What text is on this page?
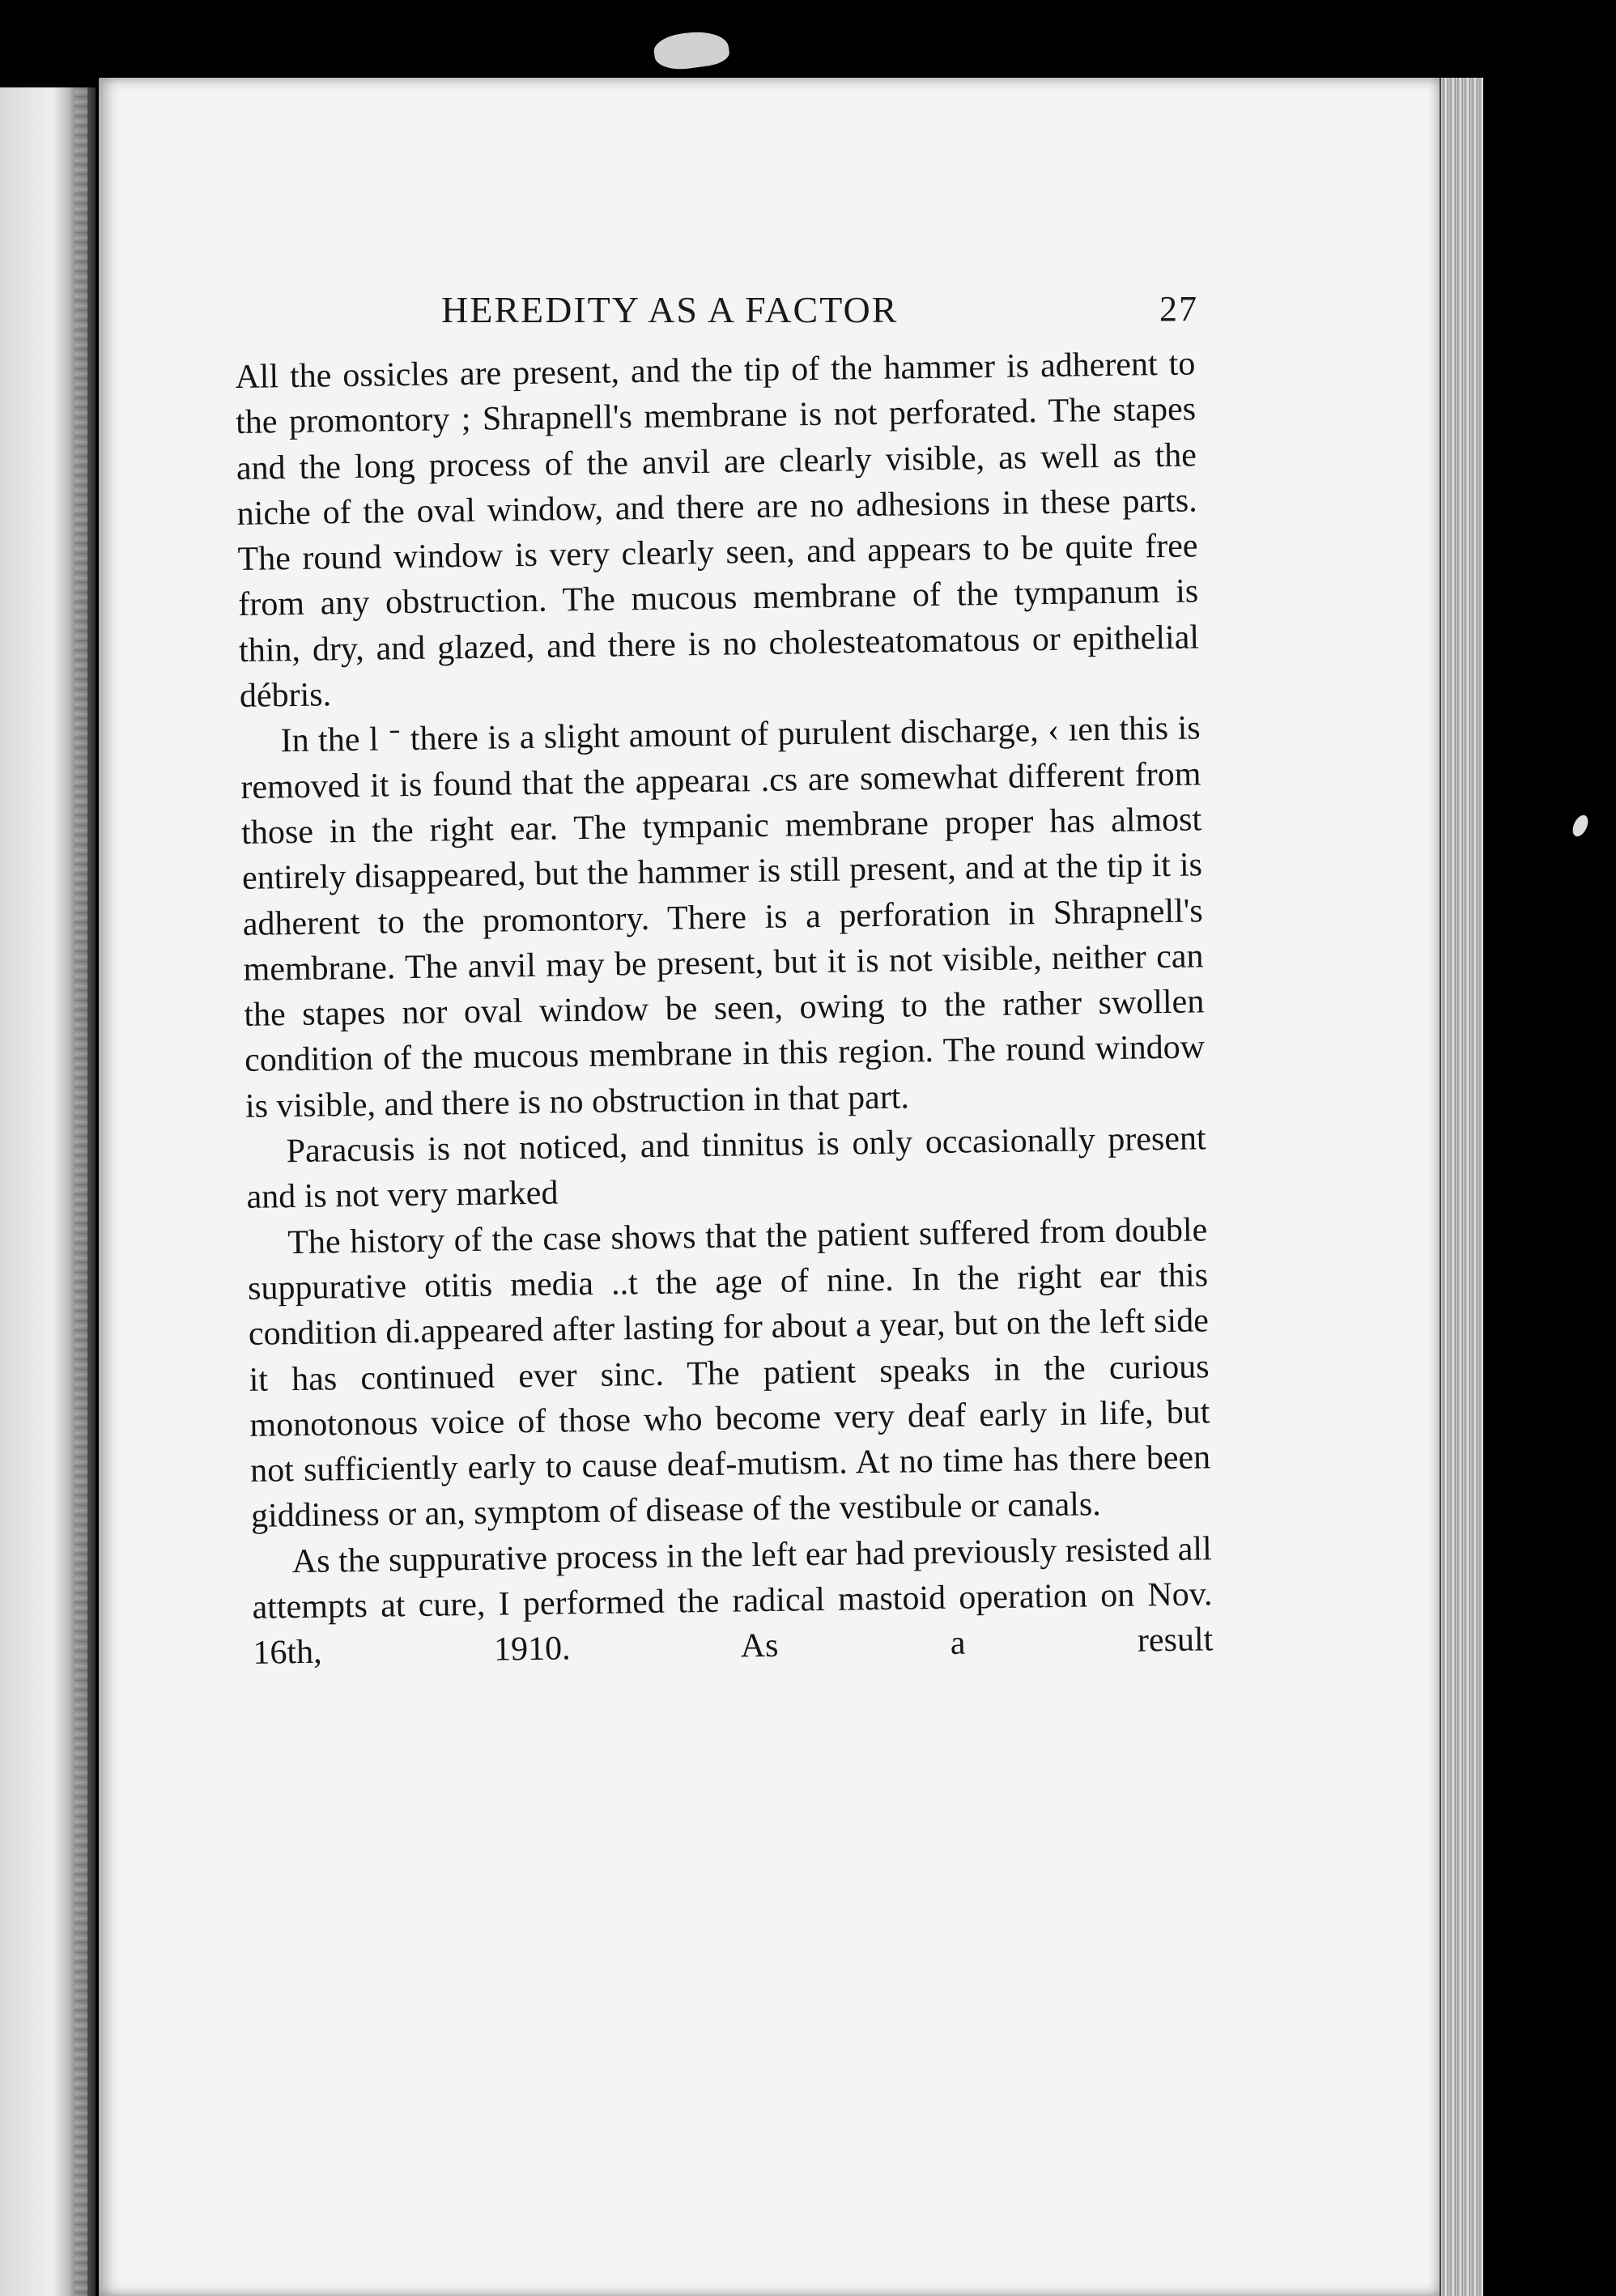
HEREDITY AS A FACTOR	27

All the ossicles are present, and the tip of the hammer is adherent to the promontory ; Shrapnell's membrane is not perforated. The stapes and the long process of the anvil are clearly visible, as well as the niche of the oval window, and there are no adhesions in these parts. The round window is very clearly seen, and appears to be quite free from any obstruction. The mucous membrane of the tympanum is thin, dry, and glazed, and there is no cholesteatomatous or epithelial débris.

In the l ᐨ there is a slight amount of purulent discharge, ‹ ıen this is removed it is found that the appearaı .cs are somewhat different from those in the right ear. The tympanic membrane proper has almost entirely disappeared, but the hammer is still present, and at the tip it is adherent to the promontory. There is a perforation in Shrapnell's membrane. The anvil may be present, but it is not visible, neither can the stapes nor oval window be seen, owing to the rather swollen condition of the mucous membrane in this region. The round window is visible, and there is no obstruction in that part.

Paracusis is not noticed, and tinnitus is only occasionally present and is not very marked

The history of the case shows that the patient suffered from double suppurative otitis media ..t the age of nine. In the right ear this condition di.appeared after lasting for about a year, but on the left side it has continued ever sinc. The patient speaks in the curious monotonous voice of those who become very deaf early in life, but not sufficiently early to cause deaf-mutism. At no time has there been giddiness or an, symptom of disease of the vestibule or canals.

As the suppurative process in the left ear had previously resisted all attempts at cure, I performed the radical mastoid operation on Nov. 16th, 1910. As a result
